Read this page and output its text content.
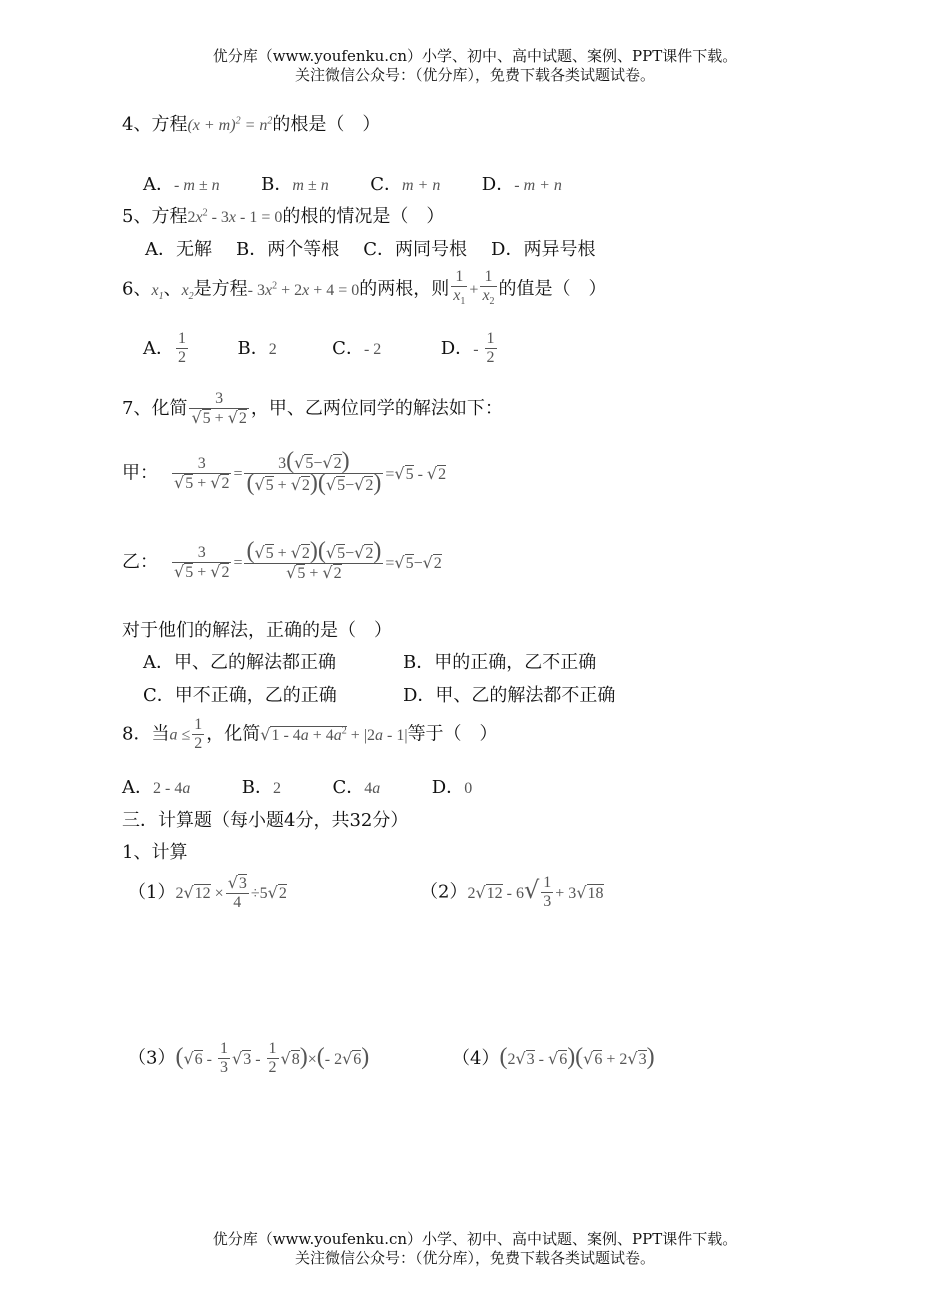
优分库（www.youfenku.cn）小学、初中、高中试题、案例、PPT课件下载。
关注微信公众号：（优分库），免费下载各类试题试卷。
4、方程$(x + m)^2 = n^2$的根是（　）
A．- m ± n B．m ± n C．m + n D．- m + n
5、方程$2x^2 - 3x - 1 = 0$的根的情况是（　）
A．无解 B．两个等根 C．两同号根 D．两异号根
6、$x_1$、$x_2$是方程- $3x^2 + 2x + 4 = 0$的两根，则 $\frac{1}{x_1} + \frac{1}{x_2}$ 的值是（　）
A． $\frac{1}{2}$	B．2	C．- 2	D．- $\frac{1}{2}$
7、化简 $\frac{3}{√5 + √2}$ ，甲、乙两位同学的解法如下：
甲： $\frac{3}{√5 + √2} = \frac{3(√5-√2)}{(√5 + √2)(√5-√2)} =√5 - √2$
乙： $\frac{3}{√5 + √2} = \frac{(√5 + √2)(√5-√2)}{√5 + √2} =√5-√2$
对于他们的解法，正确的是（　）
A．甲、乙的解法都正确	B．甲的正确，乙不正确
C．甲不正确，乙的正确	D．甲、乙的解法都不正确
8．当$a \le \frac{1}{2}$ ，化简$√1 - 4a + 4a^2 + |2a - 1|$等于（　）
A．2 - 4a	B．2	C．4a	D．0
三．计算题（每小题4分，共32分）
1、计算
$(1)2√12 \times \frac{√3}{4} \div 5√2$	$(2)2√12 - 6√ \frac{1}{3} + 3√18$
$(3)(√6 - \frac{1}{3} √3 - \frac{1}{2} √8)\times(-$ 2√6)	（4）(2√3 - √6)(√6 + 2√3)
优分库（www.youfenku.cn）小学、初中、高中试题、案例、PPT课件下载。
关注微信公众号：（优分库），免费下载各类试题试卷。
